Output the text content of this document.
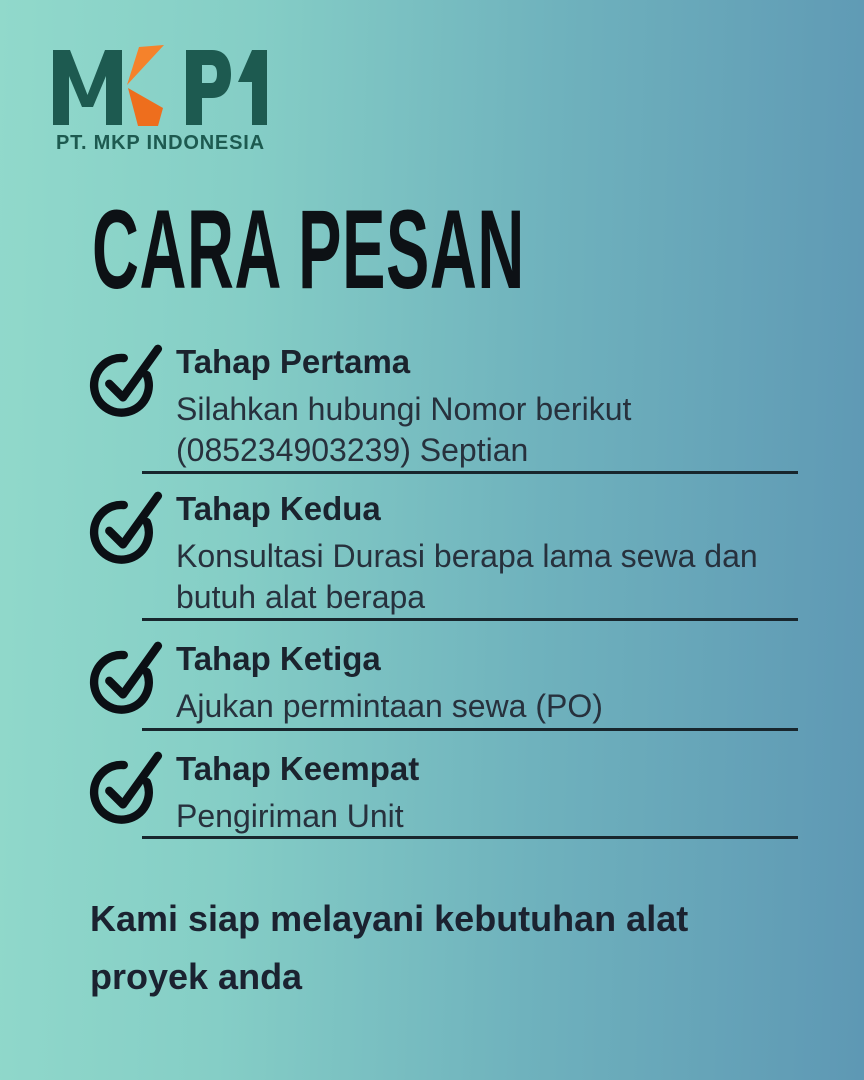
PT. MKP INDONESIA
CARA PESAN
Tahap Pertama
Silahkan hubungi Nomor berikut
(085234903239) Septian
Tahap Kedua
Konsultasi Durasi berapa lama sewa dan
butuh alat berapa
Tahap Ketiga
Ajukan permintaan sewa (PO)
Tahap Keempat
Pengiriman Unit
Kami siap melayani kebutuhan alat
proyek anda
